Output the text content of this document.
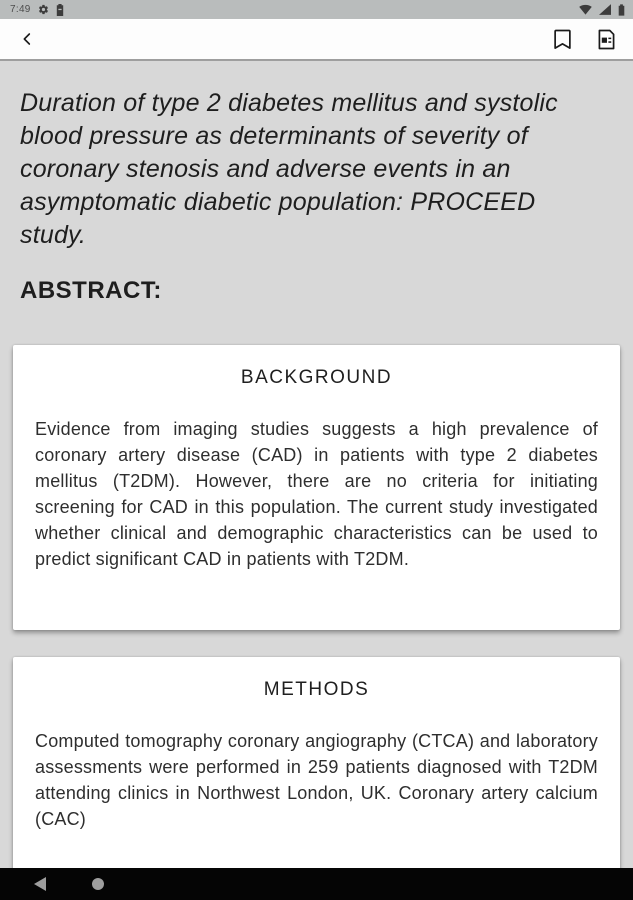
7:49
Duration of type 2 diabetes mellitus and systolic blood pressure as determinants of severity of coronary stenosis and adverse events in an asymptomatic diabetic population: PROCEED study.
ABSTRACT:
BACKGROUND
Evidence from imaging studies suggests a high prevalence of coronary artery disease (CAD) in patients with type 2 diabetes mellitus (T2DM). However, there are no criteria for initiating screening for CAD in this population. The current study investigated whether clinical and demographic characteristics can be used to predict significant CAD in patients with T2DM.
METHODS
Computed tomography coronary angiography (CTCA) and laboratory assessments were performed in 259 patients diagnosed with T2DM attending clinics in Northwest London, UK. Coronary artery calcium (CAC)
